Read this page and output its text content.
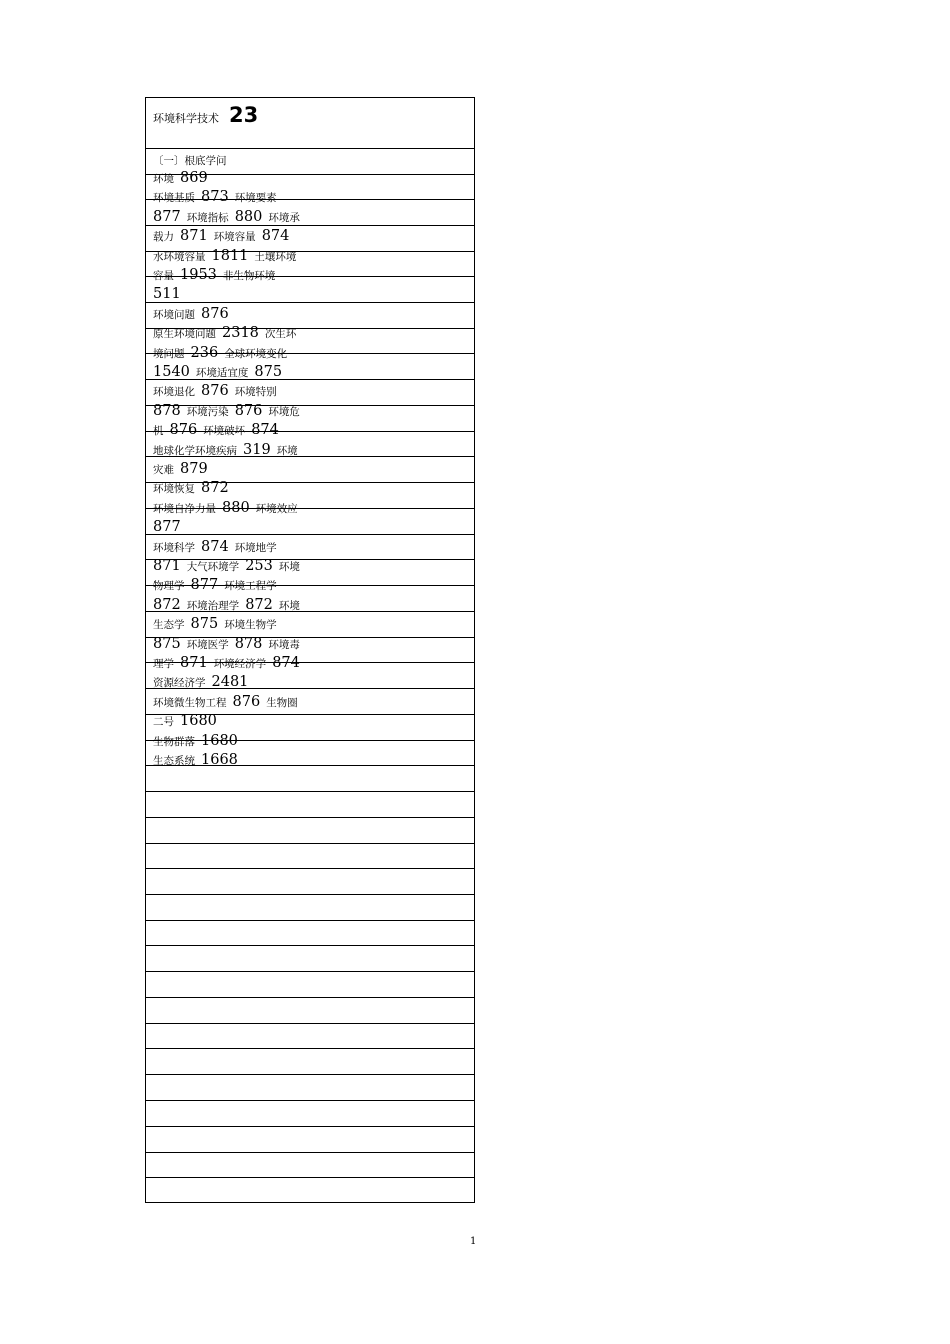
环境科学技术 23
〔一〕根底学问
环境 869
环境基质 873 环境要素
877 环境指标 880 环境承
载力 871 环境容量 874
水环境容量 1811 土壤环境
容量 1953 非生物环境
511
环境问题 876
原生环境问题 2318 次生环
境问题 236 全球环境变化
1540 环境适宜度 875
环境退化 876 环境特别
878 环境污染 876 环境危
机 876 环境破坏 874
地球化学环境疾病 319 环境
灾难 879
环境恢复 872
环境自净力量 880 环境效应
877
环境科学 874 环境地学
871 大气环境学 253 环境
物理学 877 环境工程学
872 环境治理学 872 环境
生态学 875 环境生物学
875 环境医学 878 环境毒
理学 871 环境经济学 874
资源经济学 2481
环境微生物工程 876 生物圈
二号 1680
生物群落 1680
生态系统 1668
1
